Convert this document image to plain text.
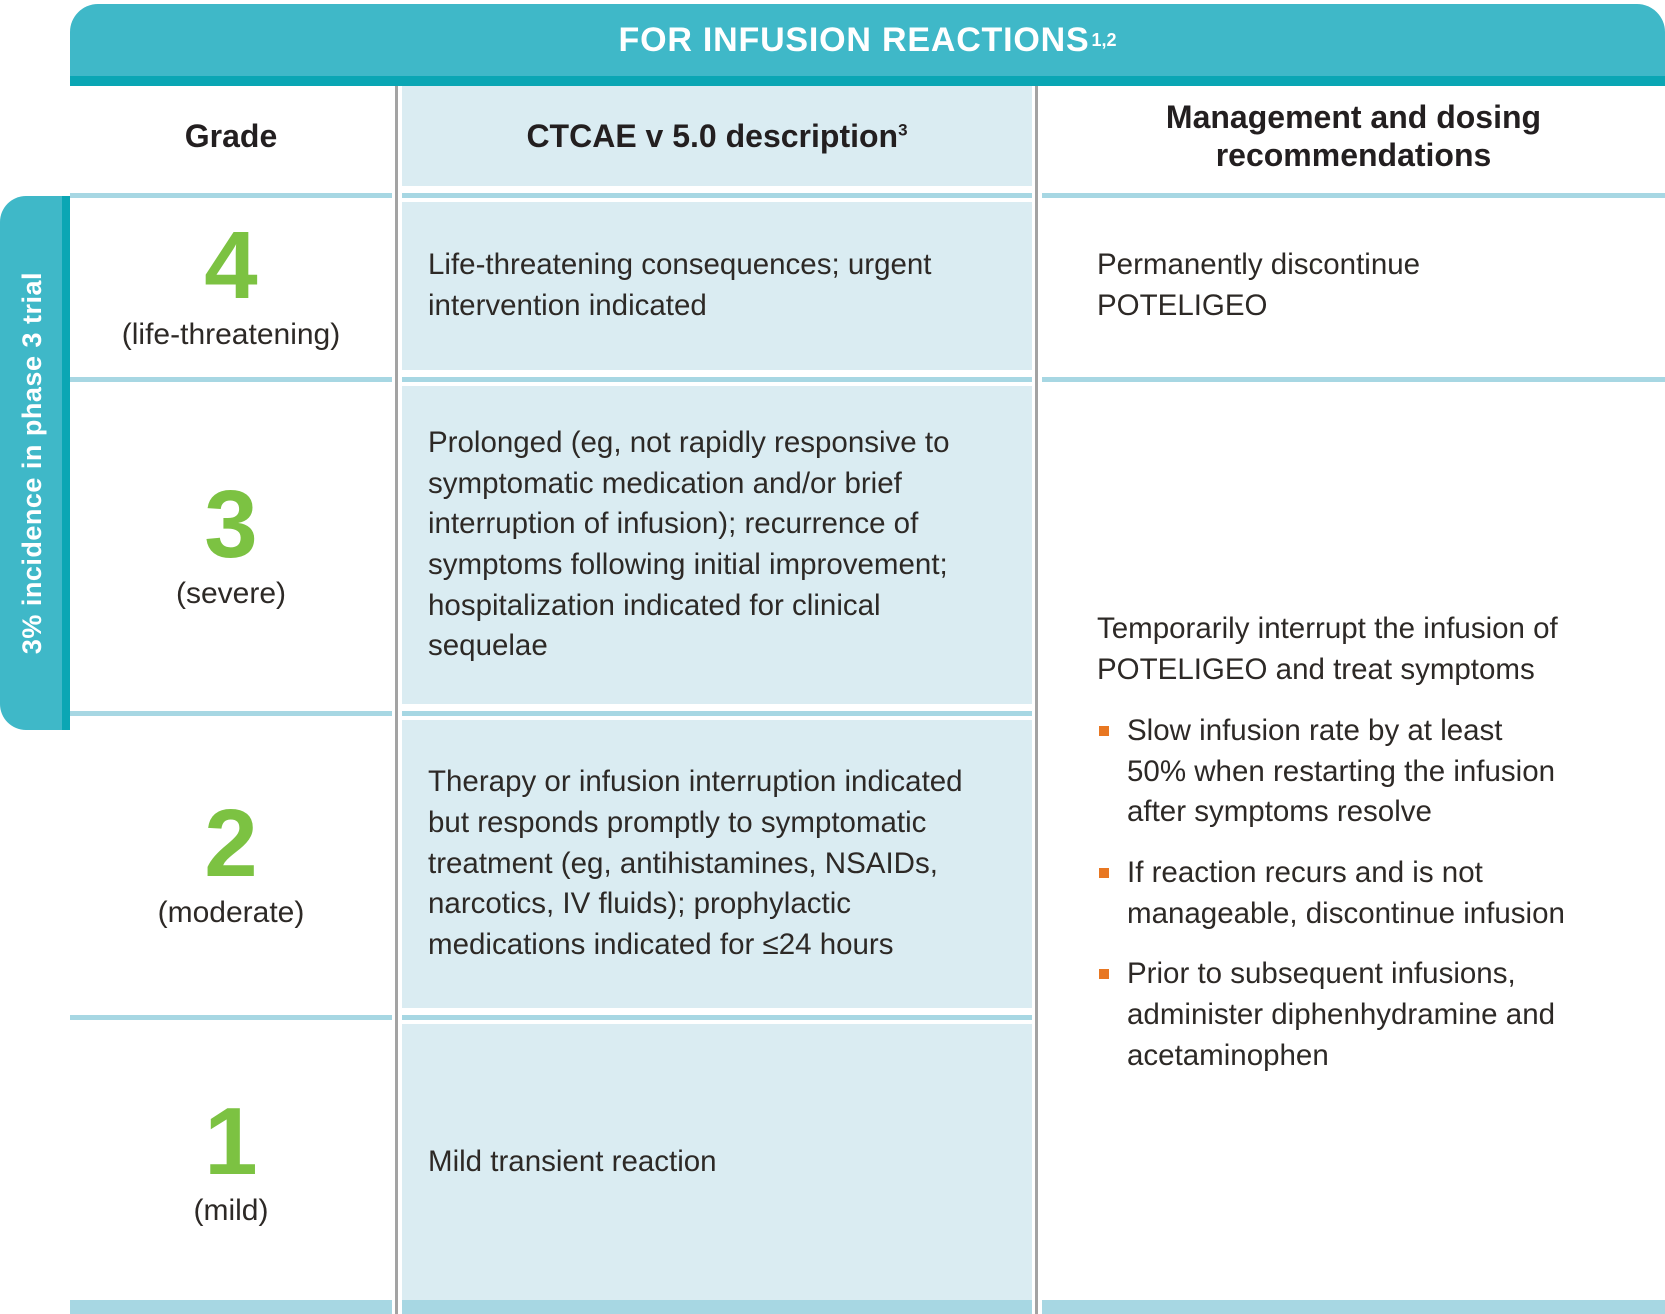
3% incidence in phase 3 trial
FOR INFUSION REACTIONS 1,2
Grade	CTCAE v 5.0 description$^3$	Management and dosing recommendations
4
(life-threatening)
Life-threatening consequences; urgent intervention indicated
Permanently discontinue POTELIGEO
3
(severe)
Prolonged (eg, not rapidly responsive to symptomatic medication and/or brief interruption of infusion); recurrence of symptoms following initial improvement; hospitalization indicated for clinical sequelae
Temporarily interrupt the infusion of POTELIGEO and treat symptoms
Slow infusion rate by at least 50% when restarting the infusion after symptoms resolve
If reaction recurs and is not manageable, discontinue infusion
Prior to subsequent infusions, administer diphenhydramine and acetaminophen
2
(moderate)
Therapy or infusion interruption indicated but responds promptly to symptomatic treatment (eg, antihistamines, NSAIDs, narcotics, IV fluids); prophylactic medications indicated for ≤24 hours
1
(mild)
Mild transient reaction
